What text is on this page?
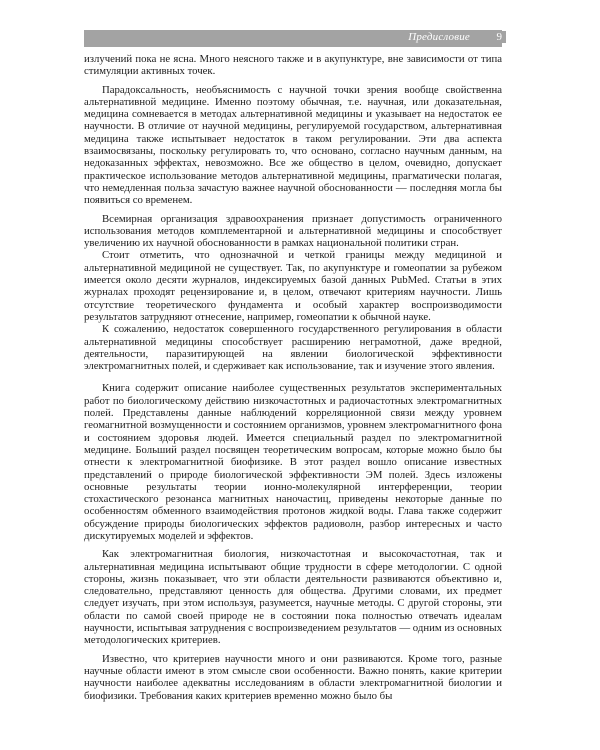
Предисловие	9

излучений пока не ясна. Много неясного также и в акупунктуре, вне зависимости от типа стимуляции активных точек.

Парадоксальность, необъяснимость с научной точки зрения вообще свойственна альтернативной медицине. Именно поэтому обычная, т.е. научная, или доказательная, медицина сомневается в методах альтернативной медицины и указывает на недостаток ее научности. В отличие от научной медицины, регулируемой государством, альтернативная медицина также испытывает недостаток в таком регулировании. Эти два аспекта взаимосвязаны, поскольку регулировать то, что основано, согласно научным данным, на недоказанных эффектах, невозможно. Все же общество в целом, очевидно, допускает практическое использование методов альтернативной медицины, прагматически полагая, что немедленная польза зачастую важнее научной обоснованности — последняя могла бы появиться со временем.

Всемирная организация здравоохранения признает допустимость ограниченного использования методов комплементарной и альтернативной медицины и способствует увеличению их научной обоснованности в рамках национальной политики стран.

Стоит отметить, что однозначной и четкой границы между медициной и альтернативной медициной не существует. Так, по акупунктуре и гомеопатии за рубежом имеется около десяти журналов, индексируемых базой данных PubMed. Статьи в этих журналах проходят рецензирование и, в целом, отвечают критериям научности. Лишь отсутствие теоретического фундамента и особый характер воспроизводимости результатов затрудняют отнесение, например, гомеопатии к обычной науке.

К сожалению, недостаток совершенного государственного регулирования в области альтернативной медицины способствует расширению неграмотной, даже вредной, деятельности, паразитирующей на явлении биологической эффективности электромагнитных полей, и сдерживает как использование, так и изучение этого явления.

Книга содержит описание наиболее существенных результатов экспериментальных работ по биологическому действию низкочастотных и радиочастотных электромагнитных полей. Представлены данные наблюдений корреляционной связи между уровнем геомагнитной возмущенности и состоянием организмов, уровнем электромагнитного фона и состоянием здоровья людей. Имеется специальный раздел по электромагнитной медицине. Больший раздел посвящен теоретическим вопросам, которые можно было бы отнести к электромагнитной биофизике. В этот раздел вошло описание известных представлений о природе биологической эффективности ЭМ полей. Здесь изложены основные результаты теории ионно-молекулярной интерференции, теории стохастического резонанса магнитных наночастиц, приведены некоторые данные по особенностям обменного взаимодействия протонов жидкой воды. Глава также содержит обсуждение природы биологических эффектов радиоволн, разбор интересных и часто дискутируемых моделей и эффектов.

Как электромагнитная биология, низкочастотная и высокочастотная, так и альтернативная медицина испытывают общие трудности в сфере методологии. С одной стороны, жизнь показывает, что эти области деятельности развиваются объективно и, следовательно, представляют ценность для общества. Другими словами, их предмет следует изучать, при этом используя, разумеется, научные методы. С другой стороны, эти области по самой своей природе не в состоянии пока полностью отвечать идеалам научности, испытывая затруднения с воспроизведением результатов — одним из основных методологических критериев.

Известно, что критериев научности много и они развиваются. Кроме того, разные научные области имеют в этом смысле свои особенности. Важно понять, какие критерии научности наиболее адекватны исследованиям в области электромагнитной биологии и биофизики. Требования каких критериев временно можно было бы
